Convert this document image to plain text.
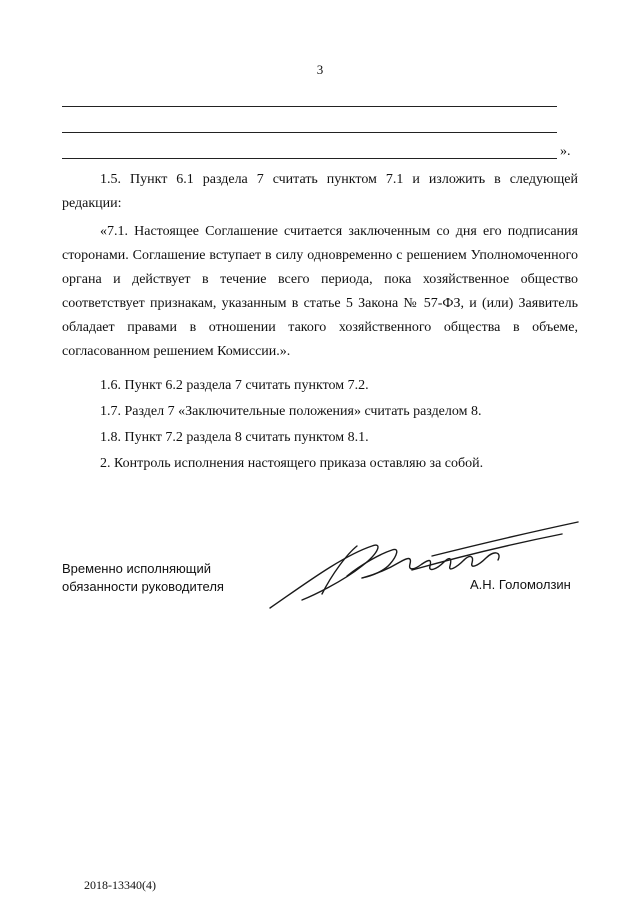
3
».

1.5. Пункт 6.1 раздела 7 считать пунктом 7.1 и изложить в следующей редакции:

«7.1. Настоящее Соглашение считается заключенным со дня его подписания сторонами. Соглашение вступает в силу одновременно с решением Уполномоченного органа и действует в течение всего периода, пока хозяйственное общество соответствует признакам, указанным в статье 5 Закона № 57-ФЗ, и (или) Заявитель обладает правами в отношении такого хозяйственного общества в объеме, согласованном решением Комиссии.».

1.6. Пункт 6.2 раздела 7 считать пунктом 7.2.

1.7. Раздел 7 «Заключительные положения» считать разделом 8.

1.8. Пункт 7.2 раздела 8 считать пунктом 8.1.

2. Контроль исполнения настоящего приказа оставляю за собой.

Временно исполняющий
обязанности руководителя	А.Н. Голомолзин
2018-13340(4)
